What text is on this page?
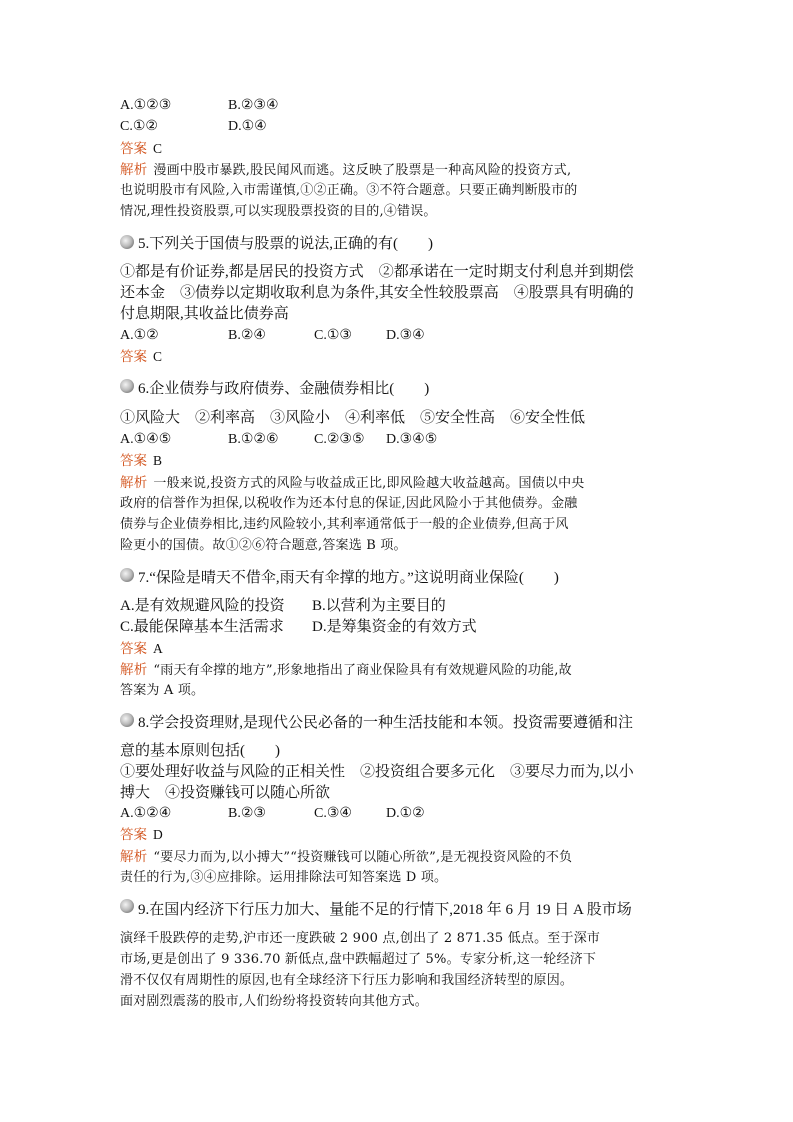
A.①②③	B.②③④
C.①②	D.①④
答案 C
解析 漫画中股市暴跌,股民闻风而逃。这反映了股票是一种高风险的投资方式,
也说明股市有风险,入市需谨慎,①②正确。③不符合题意。只要正确判断股市的
情况,理性投资股票,可以实现股票投资的目的,④错误。
5.下列关于国债与股票的说法,正确的有(　　)
①都是有价证券,都是居民的投资方式　②都承诺在一定时期支付利息并到期偿
还本金　③债券以定期收取利息为条件,其安全性较股票高　④股票具有明确的
付息期限,其收益比债券高
A.①②	B.②④	C.①③ D.③④
答案 C
6.企业债券与政府债券、金融债券相比(　　)
①风险大　②利率高　③风险小　④利率低　⑤安全性高　⑥安全性低
A.①④⑤	B.①②⑥	C.②③⑤ D.③④⑤
答案 B
解析 一般来说,投资方式的风险与收益成正比,即风险越大收益越高。国债以中央
政府的信誉作为担保,以税收作为还本付息的保证,因此风险小于其他债券。金融
债券与企业债券相比,违约风险较小,其利率通常低于一般的企业债券,但高于风
险更小的国债。故①②⑥符合题意,答案选 B 项。
7.“保险是晴天不借伞,雨天有伞撑的地方。”这说明商业保险(　　)
A.是有效规避风险的投资 B.以营利为主要目的
C.最能保障基本生活需求 D.是筹集资金的有效方式
答案 A
解析 “雨天有伞撑的地方”,形象地指出了商业保险具有有效规避风险的功能,故
答案为 A 项。
8.学会投资理财,是现代公民必备的一种生活技能和本领。投资需要遵循和注
意的基本原则包括(　　)
①要处理好收益与风险的正相关性　②投资组合要多元化　③要尽力而为,以小
搏大　④投资赚钱可以随心所欲
A.①②④	B.②③	C.③④ D.①②
答案 D
解析 “要尽力而为,以小搏大”“投资赚钱可以随心所欲”,是无视投资风险的不负
责任的行为,③④应排除。运用排除法可知答案选 D 项。
9.在国内经济下行压力加大、量能不足的行情下,2018 年 6 月 19 日 A 股市场
演绎千股跌停的走势,沪市还一度跌破 2 900 点,创出了 2 871.35 低点。至于深市
市场,更是创出了 9 336.70 新低点,盘中跌幅超过了 5%。专家分析,这一轮经济下
滑不仅仅有周期性的原因,也有全球经济下行压力影响和我国经济转型的原因。
面对剧烈震荡的股市,人们纷纷将投资转向其他方式。
